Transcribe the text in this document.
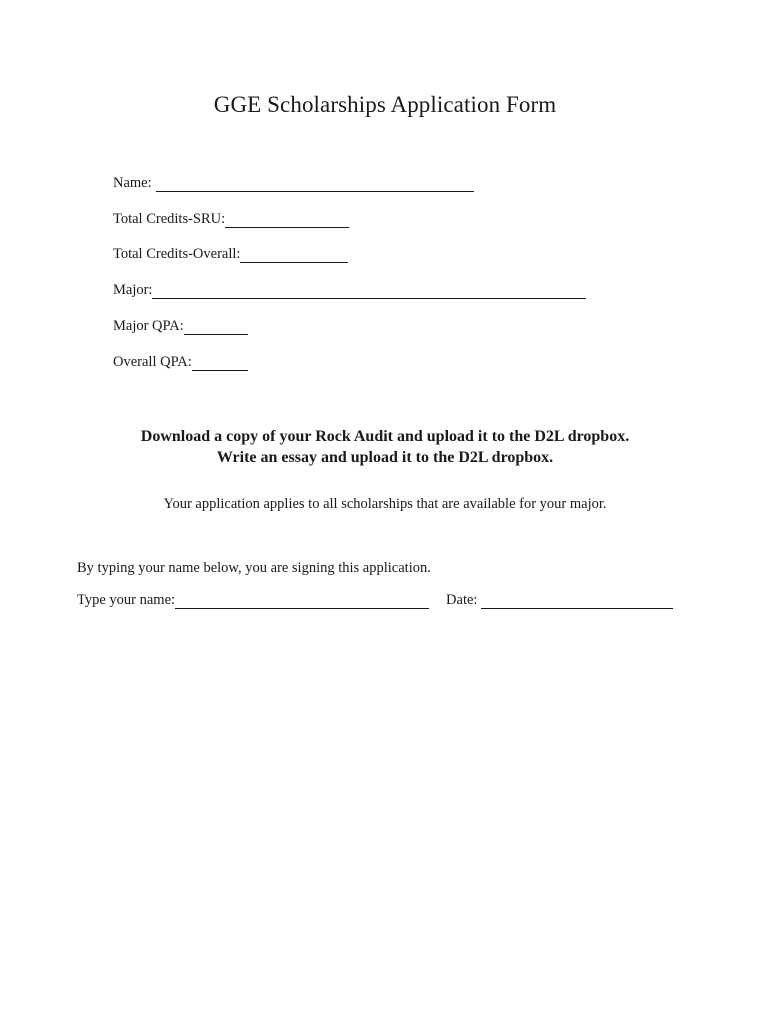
GGE Scholarships Application Form
Name:
Total Credits-SRU:
Total Credits-Overall:
Major:
Major QPA:
Overall QPA:
Download a copy of your Rock Audit and upload it to the D2L dropbox.
Write an essay and upload it to the D2L dropbox.
Your application applies to all scholarships that are available for your major.
By typing your name below, you are signing this application.
Type your name:	Date:
